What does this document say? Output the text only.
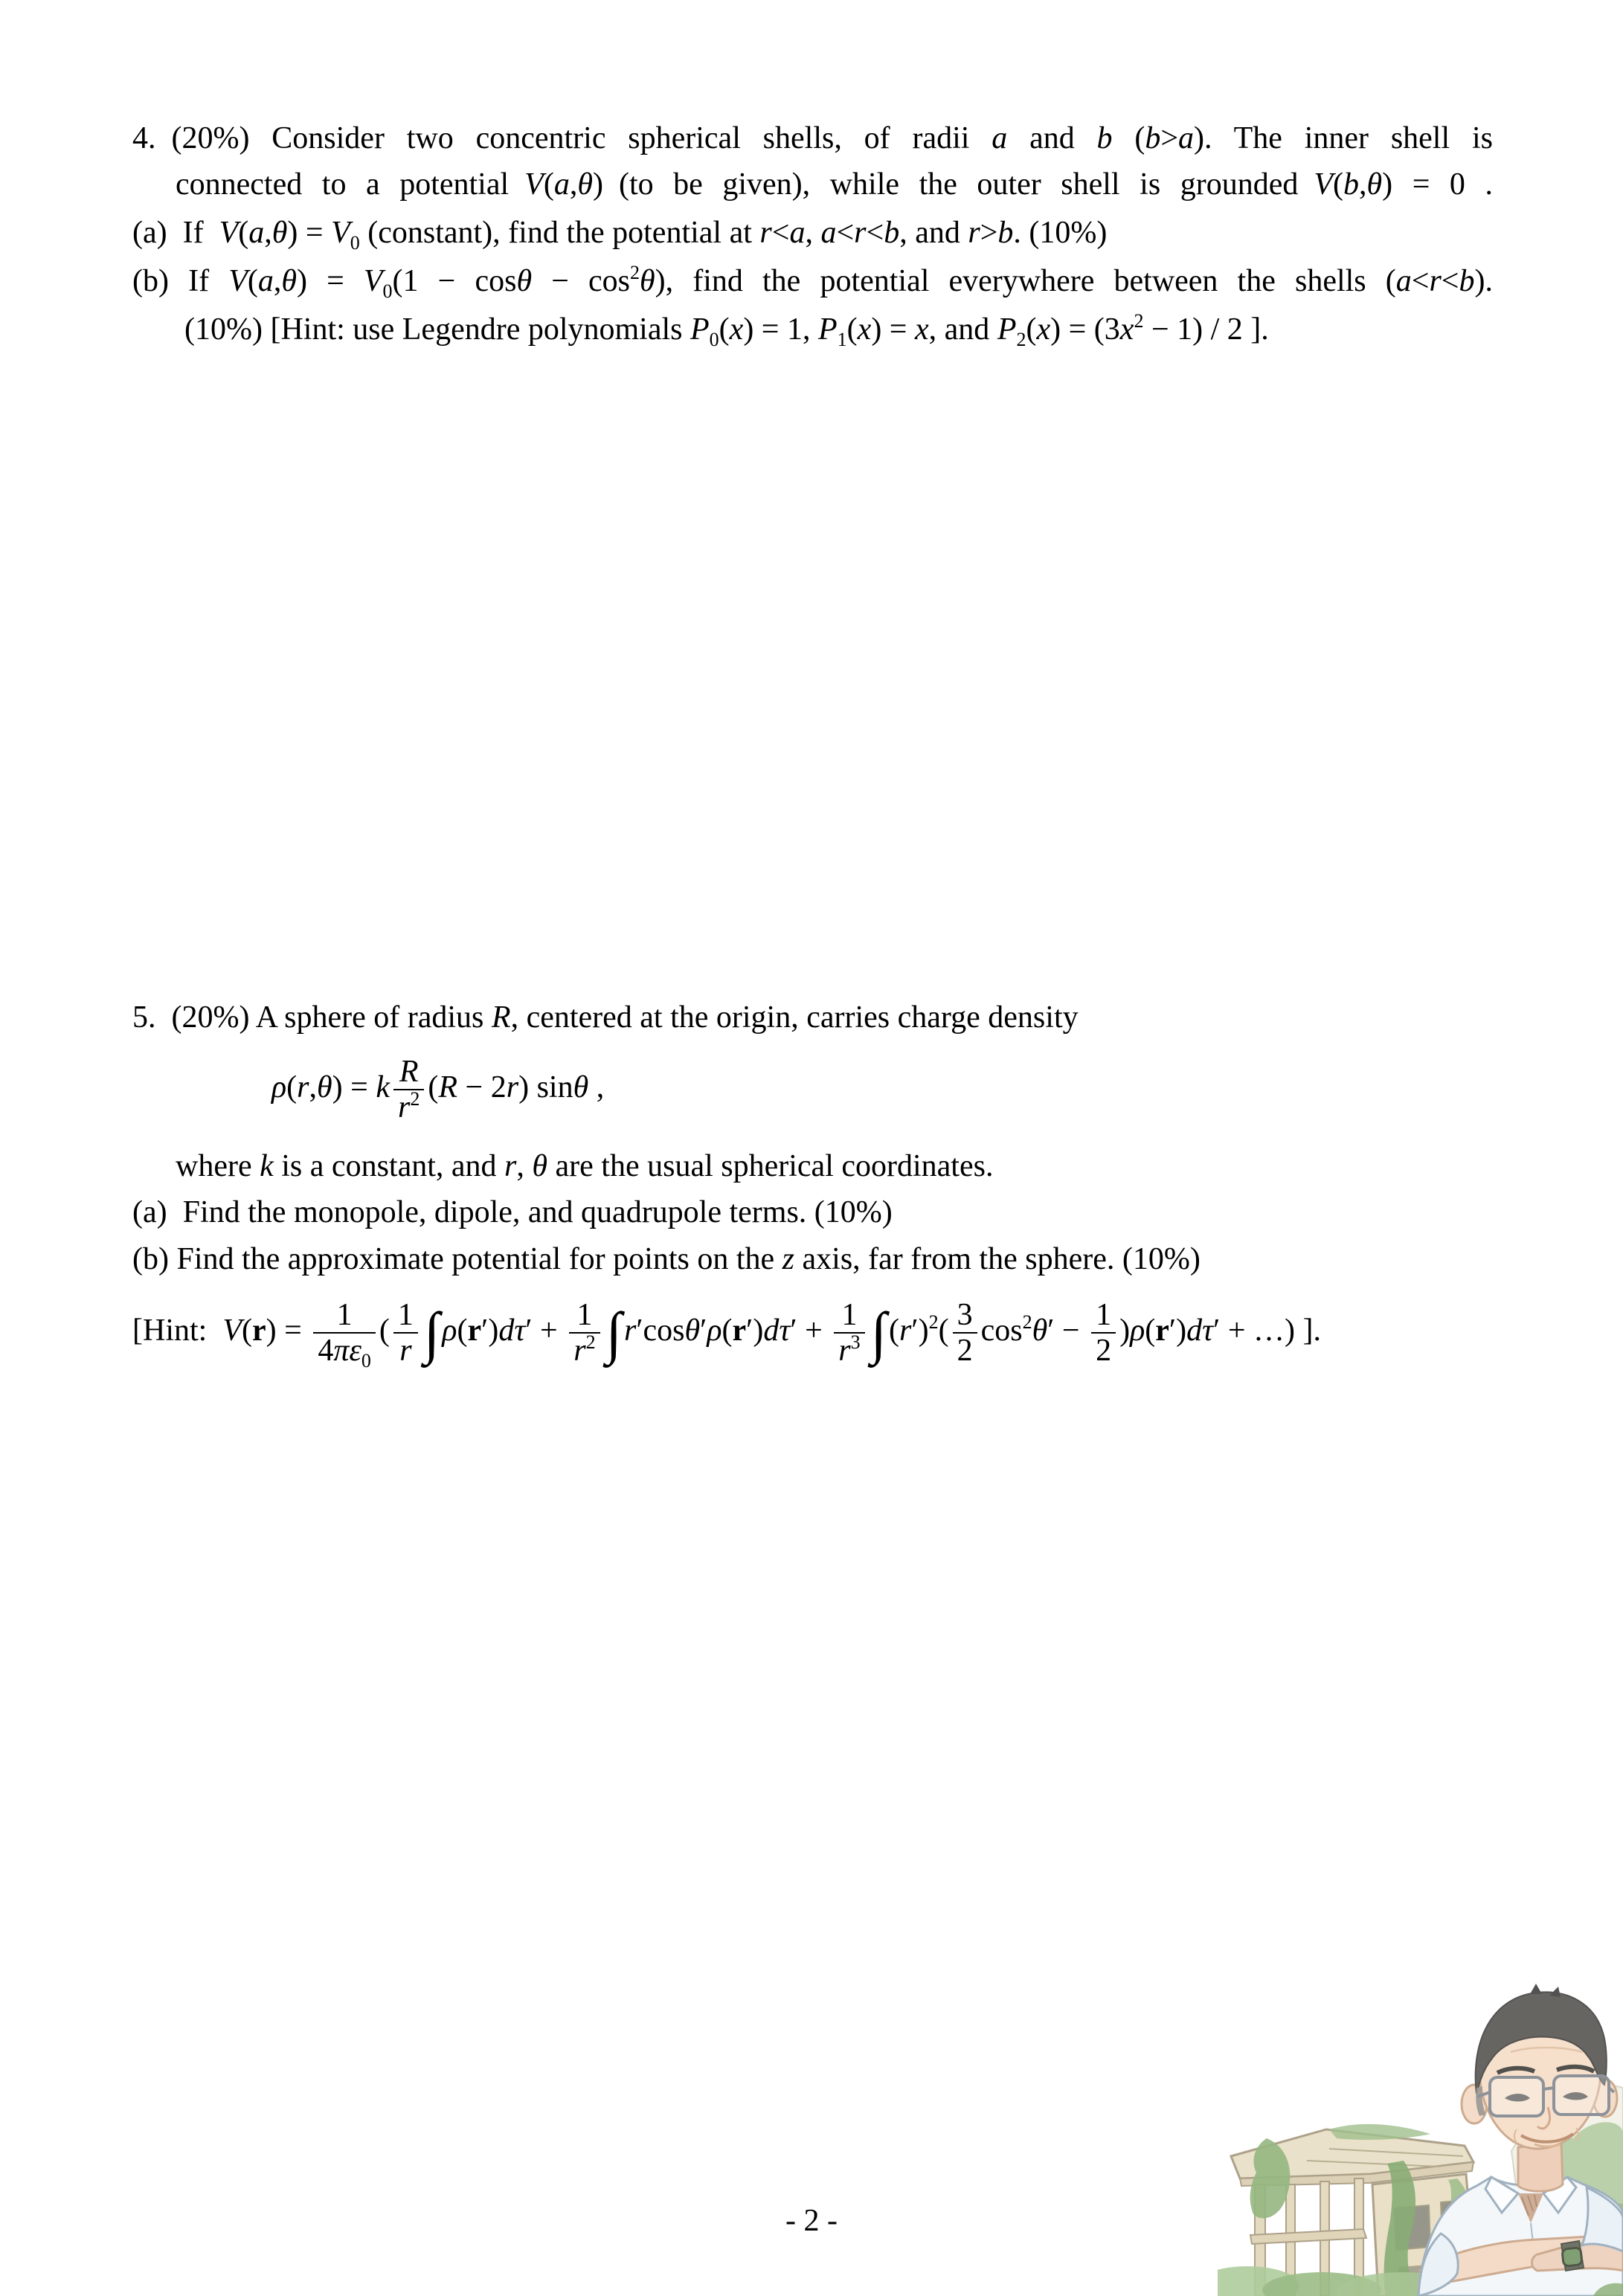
4. (20%) Consider two concentric spherical shells, of radii a and b (b>a). The inner shell is
connected to a potential V(a,θ) (to be given), while the outer shell is grounded V(b,θ) = 0 .
(a) If $V(a,\theta) = V_0$ (constant), find the potential at r<a, a<r<b, and r>b. (10%)
(b) If $V(a,\theta) = V_0(1 - \cos\theta - \cos^2\theta)$, find the potential everywhere between the shells (a<r<b).
(10%) [Hint: use Legendre polynomials $P_0(x) = 1$, $P_1(x) = x$, and $P_2(x) = (3x^2 - 1) / 2$ ].
5. (20%) A sphere of radius R, centered at the origin, carries charge density
ρ(r,θ) = k $\frac{R}{r^2} (R - 2r)$ sinθ ,
where k is a constant, and r, θ are the usual spherical coordinates.
(a) Find the monopole, dipole, and quadrupole terms. (10%)
(b) Find the approximate potential for points on the z axis, far from the sphere. (10%)
[Hint: $V(r) = \frac{1}{4\pi\varepsilon_0}$ ( $\frac{1}{r} \int\rho(r')d\tau' + \frac{1}{r^2} \int r'\cos\theta'\rho(r')d\tau' + \frac{1}{r^3} \int(r')^2( \frac{3}{2} \cos^2\theta' - \frac{1}{2} )\rho(r')d\tau'$ + …) ].
- 2 -
